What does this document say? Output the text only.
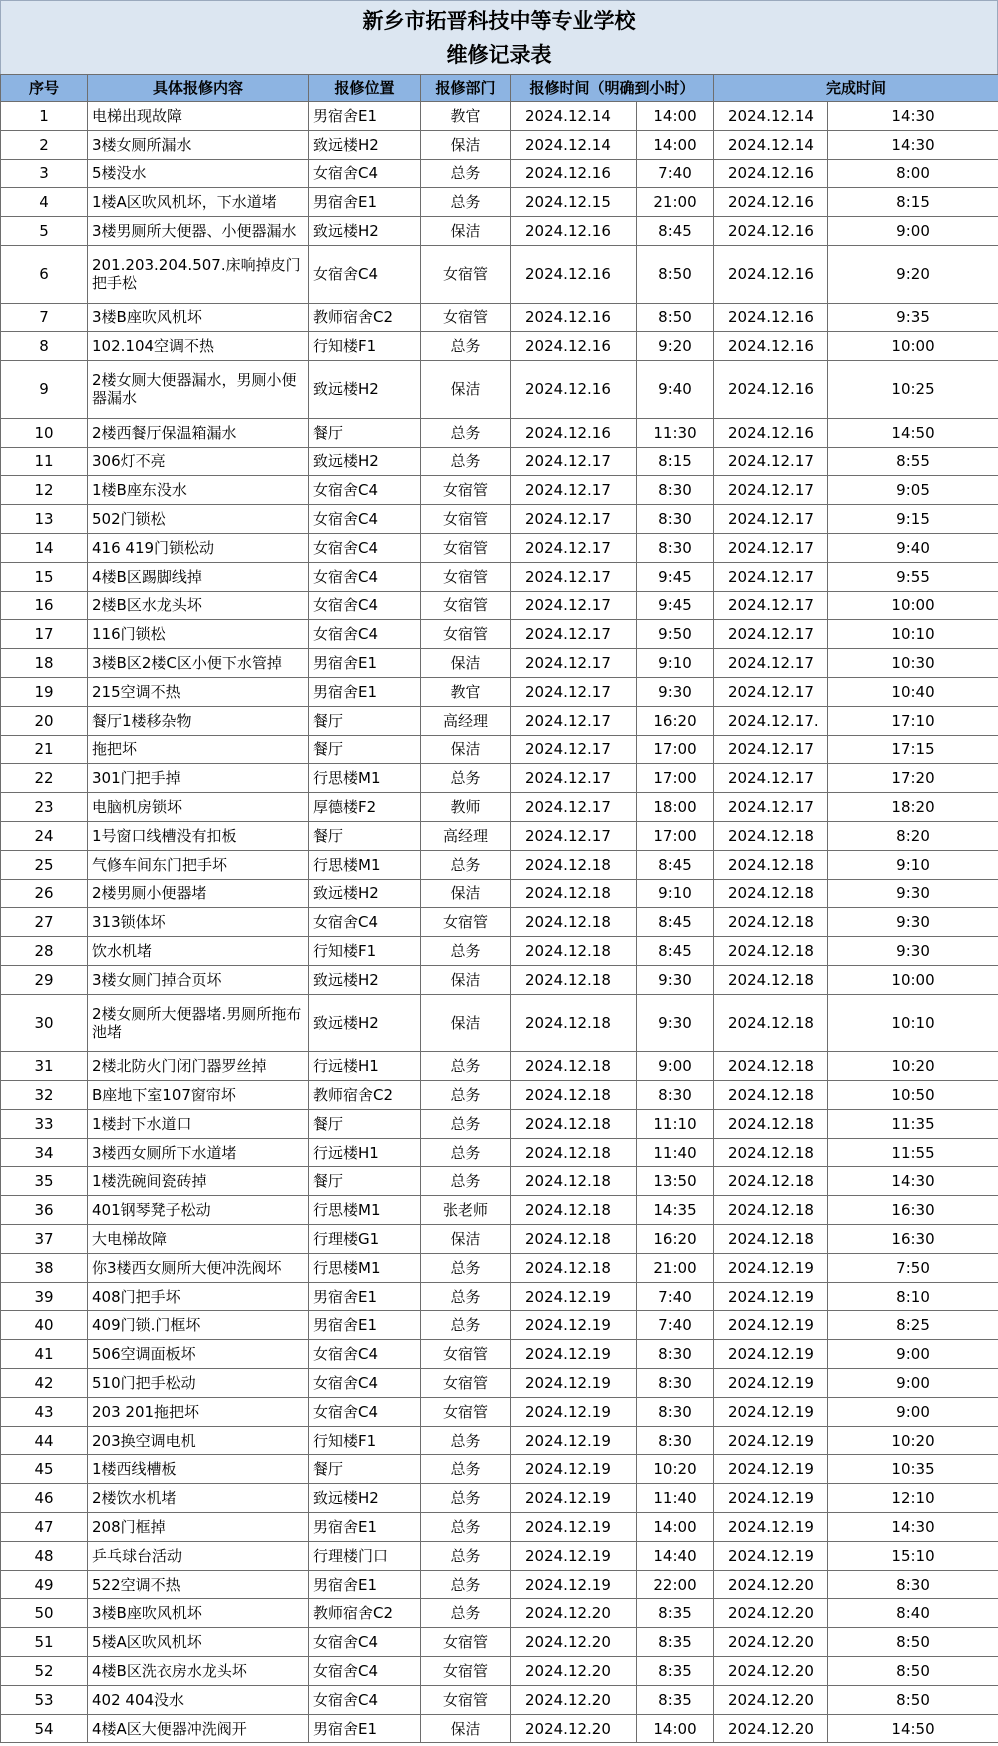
新乡市拓晋科技中等专业学校
维修记录表
序号	具体报修内容	报修位置	报修部门	报修时间（明确到小时）		完成时间	
1	电梯出现故障	男宿舍E1	教官	2024.12.14	14:00	2024.12.14	14:30
2	3楼女厕所漏水	致远楼H2	保洁	2024.12.14	14:00	2024.12.14	14:30
3	5楼没水	女宿舍C4	总务	2024.12.16	7:40	2024.12.16	8:00
4	1楼A区吹风机坏，下水道堵	男宿舍E1	总务	2024.12.15	21:00	2024.12.16	8:15
5	3楼男厕所大便器、小便器漏水	致远楼H2	保洁	2024.12.16	8:45	2024.12.16	9:00
6	201.203.204.507.床响掉皮门把手松	女宿舍C4	女宿管	2024.12.16	8:50	2024.12.16	9:20
7	3楼B座吹风机坏	教师宿舍C2	女宿管	2024.12.16	8:50	2024.12.16	9:35
8	102.104空调不热	行知楼F1	总务	2024.12.16	9:20	2024.12.16	10:00
9	2楼女厕大便器漏水，男厕小便器漏水	致远楼H2	保洁	2024.12.16	9:40	2024.12.16	10:25
10	2楼西餐厅保温箱漏水	餐厅	总务	2024.12.16	11:30	2024.12.16	14:50
11	306灯不亮	致远楼H2	总务	2024.12.17	8:15	2024.12.17	8:55
12	1楼B座东没水	女宿舍C4	女宿管	2024.12.17	8:30	2024.12.17	9:05
13	502门锁松	女宿舍C4	女宿管	2024.12.17	8:30	2024.12.17	9:15
14	416 419门锁松动	女宿舍C4	女宿管	2024.12.17	8:30	2024.12.17	9:40
15	4楼B区踢脚线掉	女宿舍C4	女宿管	2024.12.17	9:45	2024.12.17	9:55
16	2楼B区水龙头坏	女宿舍C4	女宿管	2024.12.17	9:45	2024.12.17	10:00
17	116门锁松	女宿舍C4	女宿管	2024.12.17	9:50	2024.12.17	10:10
18	3楼B区2楼C区小便下水管掉	男宿舍E1	保洁	2024.12.17	9:10	2024.12.17	10:30
19	215空调不热	男宿舍E1	教官	2024.12.17	9:30	2024.12.17	10:40
20	餐厅1楼移杂物	餐厅	高经理	2024.12.17	16:20	2024.12.17.	17:10
21	拖把坏	餐厅	保洁	2024.12.17	17:00	2024.12.17	17:15
22	301门把手掉	行思楼M1	总务	2024.12.17	17:00	2024.12.17	17:20
23	电脑机房锁坏	厚德楼F2	教师	2024.12.17	18:00	2024.12.17	18:20
24	1号窗口线槽没有扣板	餐厅	高经理	2024.12.17	17:00	2024.12.18	8:20
25	气修车间东门把手坏	行思楼M1	总务	2024.12.18	8:45	2024.12.18	9:10
26	2楼男厕小便器堵	致远楼H2	保洁	2024.12.18	9:10	2024.12.18	9:30
27	313锁体坏	女宿舍C4	女宿管	2024.12.18	8:45	2024.12.18	9:30
28	饮水机堵	行知楼F1	总务	2024.12.18	8:45	2024.12.18	9:30
29	3楼女厕门掉合页坏	致远楼H2	保洁	2024.12.18	9:30	2024.12.18	10:00
30	2楼女厕所大便器堵.男厕所拖布池堵	致远楼H2	保洁	2024.12.18	9:30	2024.12.18	10:10
31	2楼北防火门闭门器罗丝掉	行远楼H1	总务	2024.12.18	9:00	2024.12.18	10:20
32	B座地下室107窗帘坏	教师宿舍C2	总务	2024.12.18	8:30	2024.12.18	10:50
33	1楼封下水道口	餐厅	总务	2024.12.18	11:10	2024.12.18	11:35
34	3楼西女厕所下水道堵	行远楼H1	总务	2024.12.18	11:40	2024.12.18	11:55
35	1楼洗碗间瓷砖掉	餐厅	总务	2024.12.18	13:50	2024.12.18	14:30
36	401钢琴凳子松动	行思楼M1	张老师	2024.12.18	14:35	2024.12.18	16:30
37	大电梯故障	行理楼G1	保洁	2024.12.18	16:20	2024.12.18	16:30
38	你3楼西女厕所大便冲洗阀坏	行思楼M1	总务	2024.12.18	21:00	2024.12.19	7:50
39	408门把手坏	男宿舍E1	总务	2024.12.19	7:40	2024.12.19	8:10
40	409门锁.门框坏	男宿舍E1	总务	2024.12.19	7:40	2024.12.19	8:25
41	506空调面板坏	女宿舍C4	女宿管	2024.12.19	8:30	2024.12.19	9:00
42	510门把手松动	女宿舍C4	女宿管	2024.12.19	8:30	2024.12.19	9:00
43	203 201拖把坏	女宿舍C4	女宿管	2024.12.19	8:30	2024.12.19	9:00
44	203换空调电机	行知楼F1	总务	2024.12.19	8:30	2024.12.19	10:20
45	1楼西线槽板	餐厅	总务	2024.12.19	10:20	2024.12.19	10:35
46	2楼饮水机堵	致远楼H2	总务	2024.12.19	11:40	2024.12.19	12:10
47	208门框掉	男宿舍E1	总务	2024.12.19	14:00	2024.12.19	14:30
48	乒乓球台活动	行理楼门口	总务	2024.12.19	14:40	2024.12.19	15:10
49	522空调不热	男宿舍E1	总务	2024.12.19	22:00	2024.12.20	8:30
50	3楼B座吹风机坏	教师宿舍C2	总务	2024.12.20	8:35	2024.12.20	8:40
51	5楼A区吹风机坏	女宿舍C4	女宿管	2024.12.20	8:35	2024.12.20	8:50
52	4楼B区洗衣房水龙头坏	女宿舍C4	女宿管	2024.12.20	8:35	2024.12.20	8:50
53	402 404没水	女宿舍C4	女宿管	2024.12.20	8:35	2024.12.20	8:50
54	4楼A区大便器冲洗阀开	男宿舍E1	保洁	2024.12.20	14:00	2024.12.20	14:50
